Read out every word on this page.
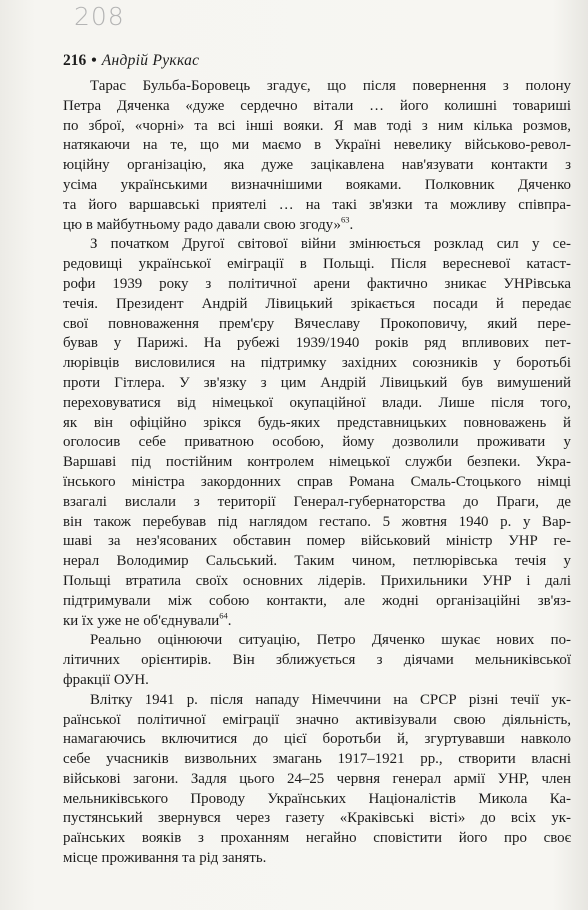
208
216 • Андрій Руккас
Тарас Бульба-Боровець згадує, що після повернення з полону
Петра Дяченка «дуже сердечно вітали … його колишні товариші
по зброї, «чорні» та всі інші вояки. Я мав тоді з ним кілька розмов,
натякаючи на те, що ми маємо в Україні невелику військово-револ-
юційну організацію, яка дуже зацікавлена нав'язувати контакти з
усіма українськими визначнішими вояками. Полковник Дяченко
та його варшавські приятелі … на такі зв'язки та можливу співпра-
цю в майбутньому радо давали свою згоду»$^{63}$.
З початком Другої світової війни змінюється розклад сил у се-
редовищі української еміграції в Польщі. Після вересневої катаст-
рофи 1939 року з політичної арени фактично зникає УНРівська
течія. Президент Андрій Лівицький зрікається посади й передає
свої повноваження прем'єру Вячеславу Прокоповичу, який пере-
бував у Парижі. На рубежі 1939/1940 років ряд впливових пет-
люрівців висловилися на підтримку західних союзників у боротьбі
проти Гітлера. У зв'язку з цим Андрій Лівицький був вимушений
переховуватися від німецької окупаційної влади. Лише після того,
як він офіційно зрікся будь-яких представницьких повноважень й
оголосив себе приватною особою, йому дозволили проживати у
Варшаві під постійним контролем німецької служби безпеки. Укра-
їнського міністра закордонних справ Романа Смаль-Стоцького німці
взагалі вислали з території Генерал-губернаторства до Праги, де
він також перебував під наглядом гестапо. 5 жовтня 1940 р. у Вар-
шаві за нез'ясованих обставин помер військовий міністр УНР ге-
нерал Володимир Сальський. Таким чином, петлюрівська течія у
Польщі втратила своїх основних лідерів. Прихильники УНР і далі
підтримували між собою контакти, але жодні організаційні зв'яз-
ки їх уже не об'єднували$^{64}$.
Реально оцінюючи ситуацію, Петро Дяченко шукає нових по-
літичних орієнтирів. Він зближується з діячами мельниківської
фракції ОУН.
Влітку 1941 р. після нападу Німеччини на СРСР різні течії ук-
раїнської політичної еміграції значно активізували свою діяльність,
намагаючись включитися до цієї боротьби й, згуртувавши навколо
себе учасників визвольних змагань 1917–1921 рр., створити власні
військові загони. Задля цього 24–25 червня генерал армії УНР, член
мельниківського Проводу Українських Націоналістів Микола Ка-
пустянський звернувся через газету «Краківські вісті» до всіх ук-
раїнських вояків з проханням негайно сповістити його про своє
місце проживання та рід занять.
